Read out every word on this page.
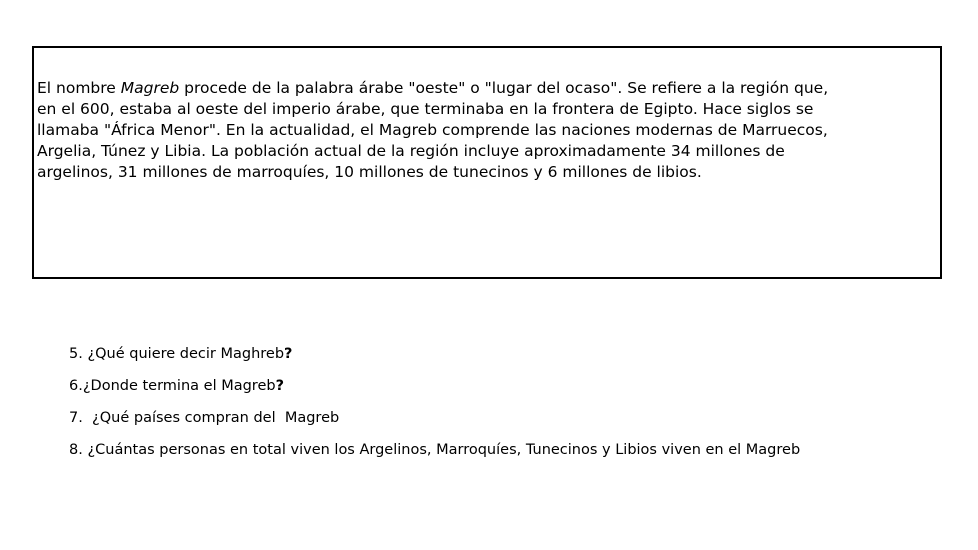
El nombre Magreb procede de la palabra árabe "oeste" o "lugar del ocaso". Se refiere a la región que, en el 600, estaba al oeste del imperio árabe, que terminaba en la frontera de Egipto. Hace siglos se llamaba "África Menor". En la actualidad, el Magreb comprende las naciones modernas de Marruecos, Argelia, Túnez y Libia. La población actual de la región incluye aproximadamente 34 millones de argelinos, 31 millones de marroquíes, 10 millones de tunecinos y 6 millones de libios.

5. ¿Qué quiere decir Maghreb?
6.¿Donde termina el Magreb?
7.  ¿Qué países compran del  Magreb
8. ¿Cuántas personas en total viven los Argelinos, Marroquíes, Tunecinos y Libios viven en el Magreb
